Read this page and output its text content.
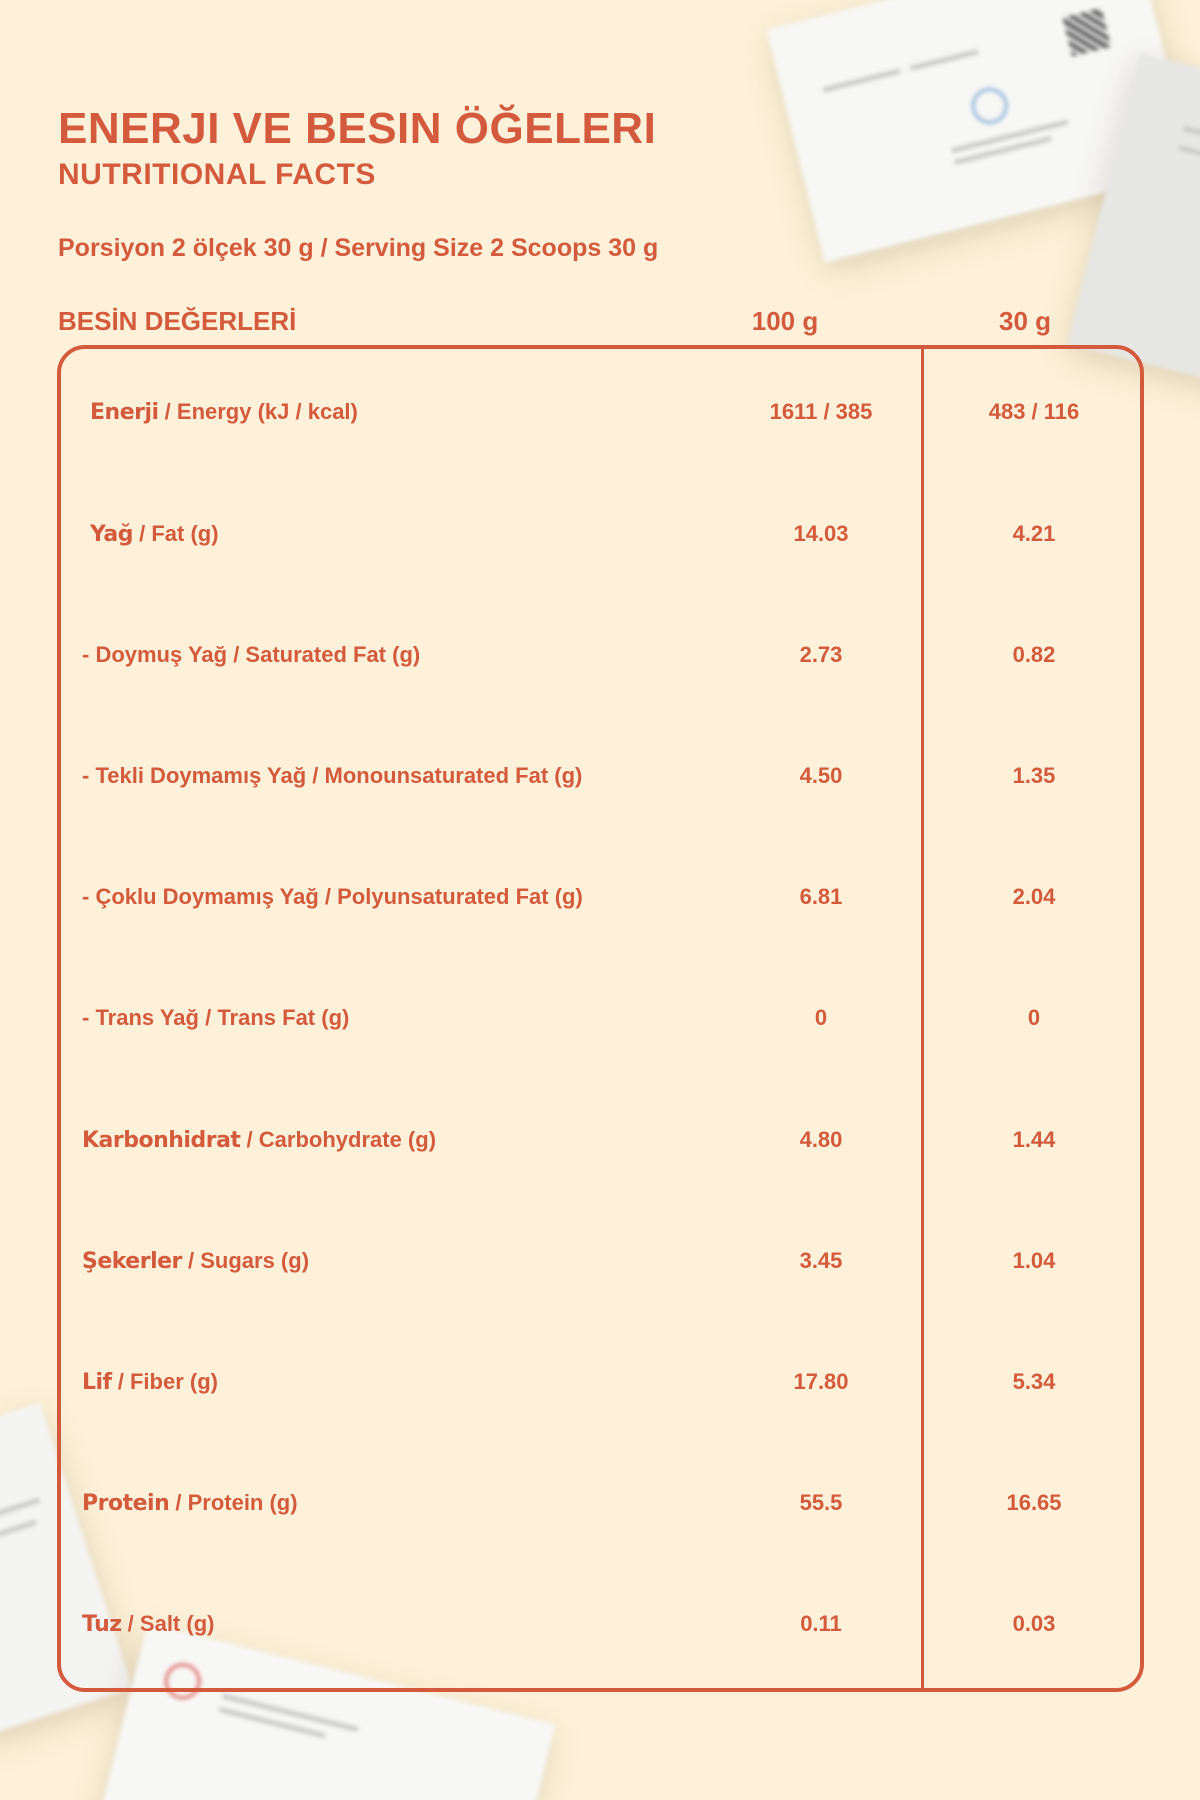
ENERJI VE BESIN ÖĞELERI
NUTRITIONAL FACTS
Porsiyon 2 ölçek 30 g / Serving Size 2 Scoops 30 g
BESİN DEĞERLERİ	100 g	30 g
Enerji / Energy (kJ / kcal)	1611 / 385	483 / 116
Yağ / Fat (g)	14.03	4.21
- Doymuş Yağ / Saturated Fat (g)	2.73	0.82
- Tekli Doymamış Yağ / Monounsaturated Fat (g)	4.50	1.35
- Çoklu Doymamış Yağ / Polyunsaturated Fat (g)	6.81	2.04
- Trans Yağ / Trans Fat (g)	0	0
Karbonhidrat / Carbohydrate (g)	4.80	1.44
Şekerler / Sugars (g)	3.45	1.04
Lif / Fiber (g)	17.80	5.34
Protein / Protein (g)	55.5	16.65
Tuz / Salt (g)	0.11	0.03
